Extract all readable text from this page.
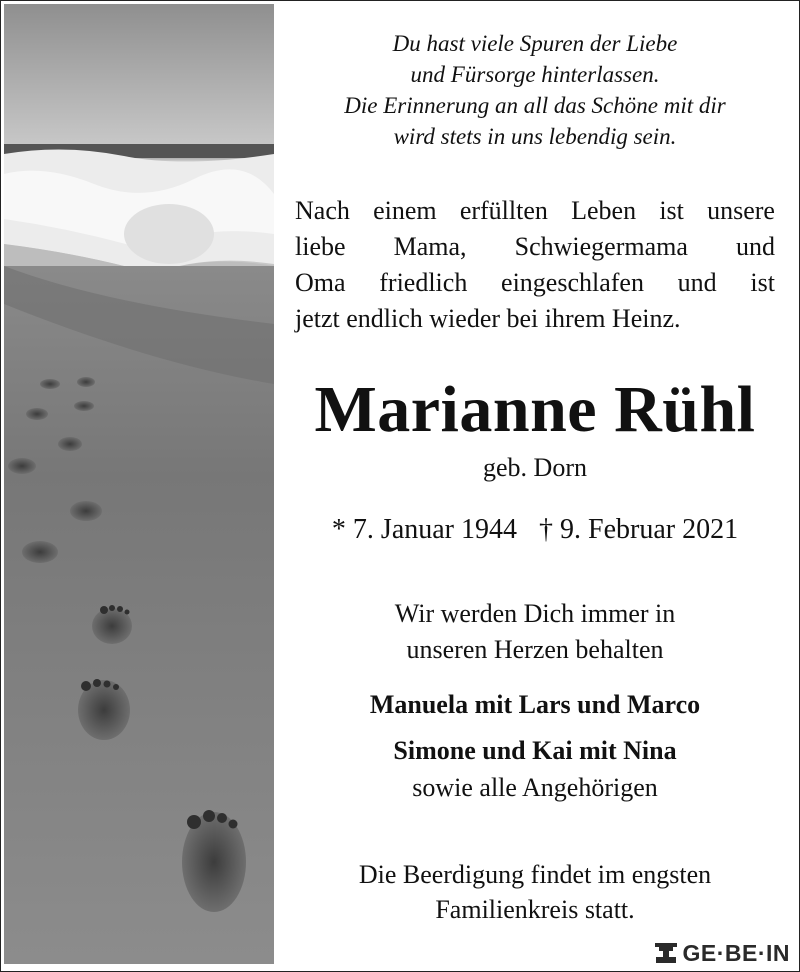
Du hast viele Spuren der Liebe
und Fürsorge hinterlassen.
Die Erinnerung an all das Schöne mit dir
wird stets in uns lebendig sein.
Nach einem erfüllten Leben ist unsere
liebe Mama, Schwiegermama und
Oma friedlich eingeschlafen und ist
jetzt endlich wieder bei ihrem Heinz.
Marianne Rühl
geb. Dorn
* 7. Januar 1944 † 9. Februar 2021
Wir werden Dich immer in
unseren Herzen behalten
Manuela mit Lars und Marco
Simone und Kai mit Nina
sowie alle Angehörigen
Die Beerdigung findet im engsten
Familienkreis statt.
GE·BE·IN
